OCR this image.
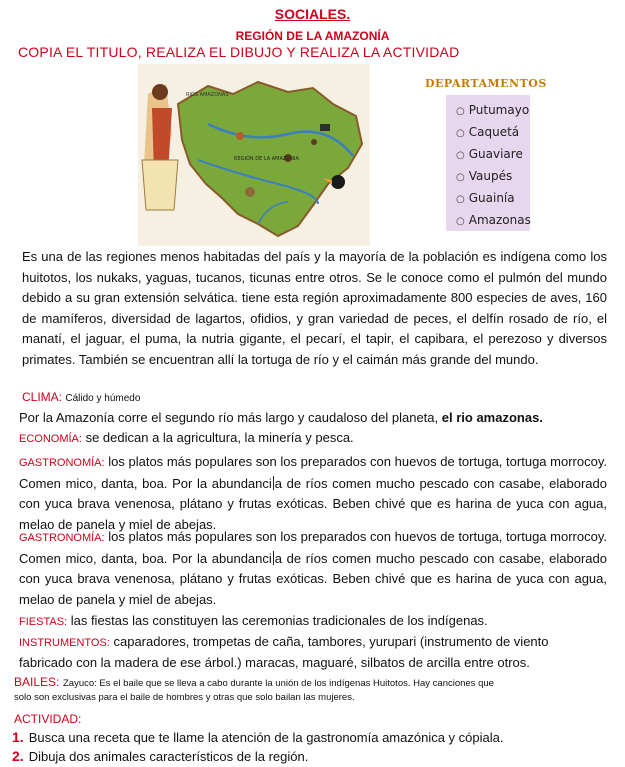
SOCIALES.
REGIÓN DE LA AMAZONÍA
COPIA EL TITULO, REALIZA EL DIBUJO Y REALIZA LA ACTIVIDAD
RIOS AMAZONAS
REGIÓN DE LA AMAZONIA
DEPARTAMENTOS
○ Putumayo
○ Caquetá
○ Guaviare
○ Vaupés
○ Guainía
○ Amazonas
Es una de las regiones menos habitadas del país y la mayoría de la población es indígena como los huitotos, los nukaks, yaguas, tucanos, ticunas entre otros. Se le conoce como el pulmón del mundo debido a su gran extensión selvática. tiene esta región aproximadamente 800 especies de aves, 160 de mamíferos, diversidad de lagartos, ofidios, y gran variedad de peces, el delfín rosado de río, el manatí, el jaguar, el puma, la nutria gigante, el pecarí, el tapir, el capibara, el perezoso y diversos primates. También se encuentran allí la tortuga de río y el caimán más grande del mundo.
CLIMA: Cálido y húmedo
Por la Amazonía corre el segundo río más largo y caudaloso del planeta, el rio amazonas.
ECONOMÍA: se dedican a la agricultura, la minería y pesca.
GASTRONOMÍA: los platos más populares son los preparados con huevos de tortuga, tortuga morrocoy. Comen mico, danta, boa. Por la abundanci a de ríos comen mucho pescado con casabe, elaborado con yuca brava venenosa, plátano y frutas exóticas. Beben chivé que es harina de yuca con agua, melao de panela y miel de abejas.
GASTRONOMÍA: los platos más populares son los preparados con huevos de tortuga, tortuga morrocoy. Comen mico, danta, boa. Por la abundanci a de ríos comen mucho pescado con casabe, elaborado con yuca brava venenosa, plátano y frutas exóticas. Beben chivé que es harina de yuca con agua, melao de panela y miel de abejas.
FIESTAS: las fiestas las constituyen las ceremonias tradicionales de los indígenas.
INSTRUMENTOS: caparadores, trompetas de caña, tambores, yurupari (instrumento de viento
fabricado con la madera de ese árbol.) maracas, maguaré, silbatos de arcilla entre otros.
BAILES: Zayuco: Es el baile que se lleva a cabo durante la unión de los indígenas Huitotos. Hay canciones que
solo son exclusivas para el baile de hombres y otras que solo bailan las mujeres.
ACTIVIDAD:
1. Busca una receta que te llame la atención de la gastronomía amazónica y cópiala.
2. Dibuja dos animales característicos de la región.
